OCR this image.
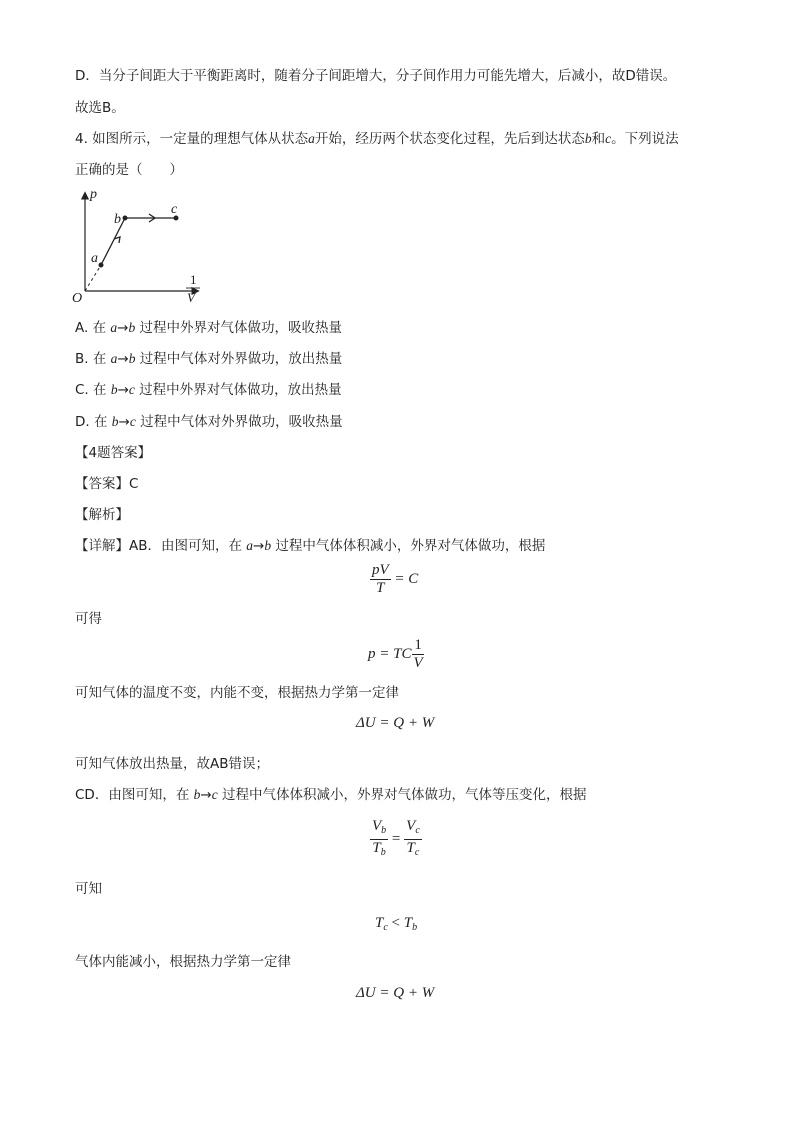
D．当分子间距大于平衡距离时，随着分子间距增大，分子间作用力可能先增大，后减小，故D错误。
故选B。
4. 如图所示，一定量的理想气体从状态a开始，经历两个状态变化过程，先后到达状态b和c。下列说法
正确的是（　　）
p
a
b
c
O
1
V
A. 在 a→b 过程中外界对气体做功，吸收热量
B. 在 a→b 过程中气体对外界做功，放出热量
C. 在 b→c 过程中外界对气体做功，放出热量
D. 在 b→c 过程中气体对外界做功，吸收热量
【4题答案】
【答案】C
【解析】
【详解】AB．由图可知，在 a→b 过程中气体体积减小，外界对气体做功，根据
$\frac{pV}{T} = C$
可得
p = TC $\frac{1}{V}$
可知气体的温度不变，内能不变，根据热力学第一定律
ΔU = Q + W
可知气体放出热量，故AB错误；
CD．由图可知，在 b→c 过程中气体体积减小，外界对气体做功，气体等压变化，根据
$\frac{V_b}{T_b} = \frac{V_c}{T_c}$
可知
$T_c < T_b$
气体内能减小，根据热力学第一定律
ΔU = Q + W
